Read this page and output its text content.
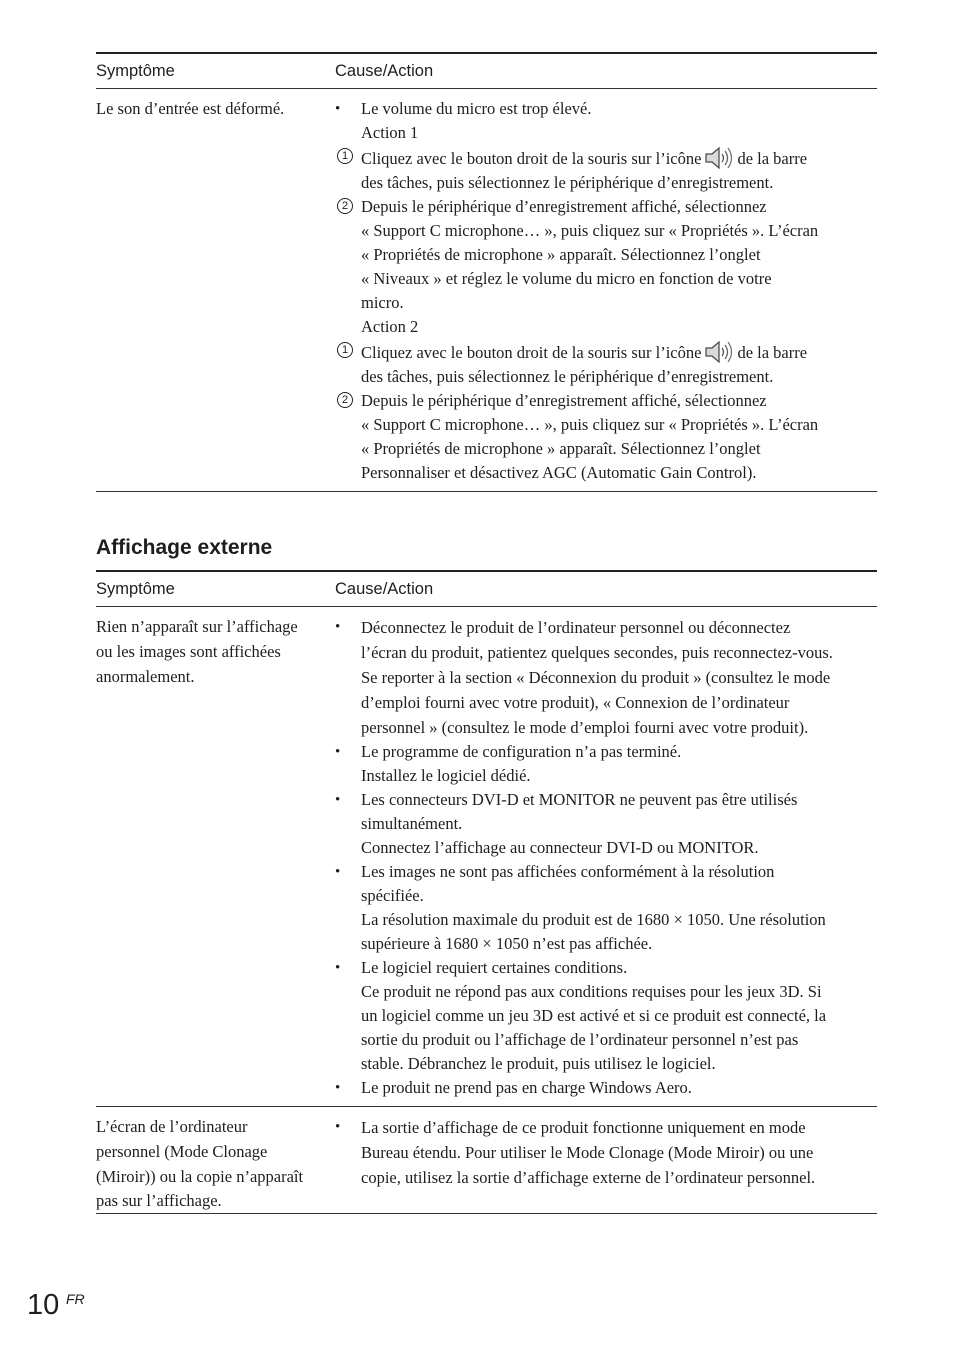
Symptôme	Cause/Action
Le son d’entrée est déformé.
•	Le volume du micro est trop élevé.
Action 1
1 Cliquez avec le bouton droit de la souris sur l’icône de la barre
des tâches, puis sélectionnez le périphérique d’enregistrement.
2 Depuis le périphérique d’enregistrement affiché, sélectionnez
« Support C microphone… », puis cliquez sur « Propriétés ». L’écran
« Propriétés de microphone » apparaît. Sélectionnez l’onglet
« Niveaux » et réglez le volume du micro en fonction de votre
micro.
Action 2
1 Cliquez avec le bouton droit de la souris sur l’icône de la barre
des tâches, puis sélectionnez le périphérique d’enregistrement.
2 Depuis le périphérique d’enregistrement affiché, sélectionnez
« Support C microphone… », puis cliquez sur « Propriétés ». L’écran
« Propriétés de microphone » apparaît. Sélectionnez l’onglet
Personnaliser et désactivez AGC (Automatic Gain Control).
Affichage externe
Symptôme	Cause/Action
Rien n’apparaît sur l’affichage
ou les images sont affichées
anormalement.
• Déconnectez le produit de l’ordinateur personnel ou déconnectez
l’écran du produit, patientez quelques secondes, puis reconnectez-vous.
Se reporter à la section « Déconnexion du produit » (consultez le mode
d’emploi fourni avec votre produit), « Connexion de l’ordinateur
personnel » (consultez le mode d’emploi fourni avec votre produit).
• Le programme de configuration n’a pas terminé.
Installez le logiciel dédié.
• Les connecteurs DVI-D et MONITOR ne peuvent pas être utilisés
simultanément.
Connectez l’affichage au connecteur DVI-D ou MONITOR.
• Les images ne sont pas affichées conformément à la résolution
spécifiée.
La résolution maximale du produit est de 1680 × 1050. Une résolution
supérieure à 1680 × 1050 n’est pas affichée.
• Le logiciel requiert certaines conditions.
Ce produit ne répond pas aux conditions requises pour les jeux 3D. Si
un logiciel comme un jeu 3D est activé et si ce produit est connecté, la
sortie du produit ou l’affichage de l’ordinateur personnel n’est pas
stable. Débranchez le produit, puis utilisez le logiciel.
• Le produit ne prend pas en charge Windows Aero.
L’écran de l’ordinateur
personnel (Mode Clonage
(Miroir)) ou la copie n’apparaît
pas sur l’affichage.
• La sortie d’affichage de ce produit fonctionne uniquement en mode
Bureau étendu. Pour utiliser le Mode Clonage (Mode Miroir) ou une
copie, utilisez la sortie d’affichage externe de l’ordinateur personnel.
10 FR
